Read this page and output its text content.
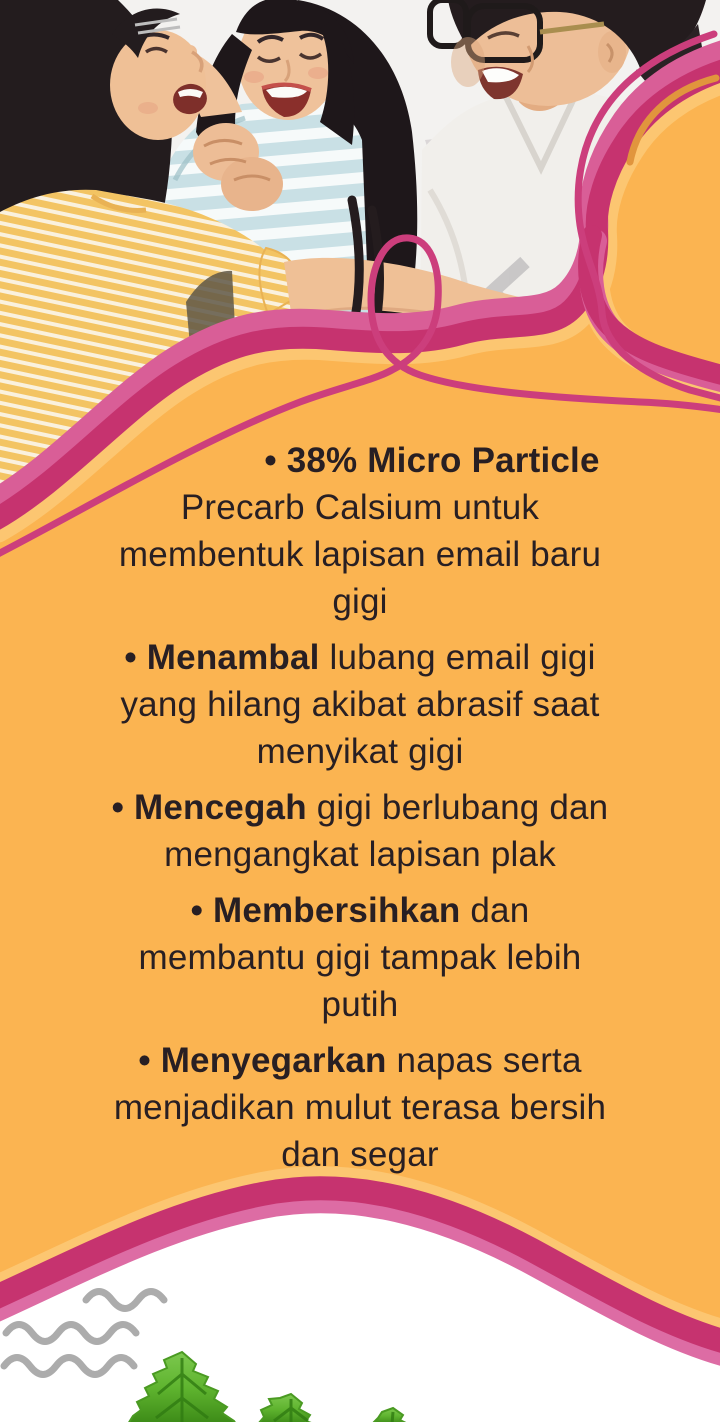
• 38% Micro Particle
Precarb Calsium untuk
membentuk lapisan email baru
gigi
• Menambal lubang email gigi
yang hilang akibat abrasif saat
menyikat gigi
• Mencegah gigi berlubang dan
mengangkat lapisan plak
• Membersihkan dan
membantu gigi tampak lebih
putih
• Menyegarkan napas serta
menjadikan mulut terasa bersih
dan segar
